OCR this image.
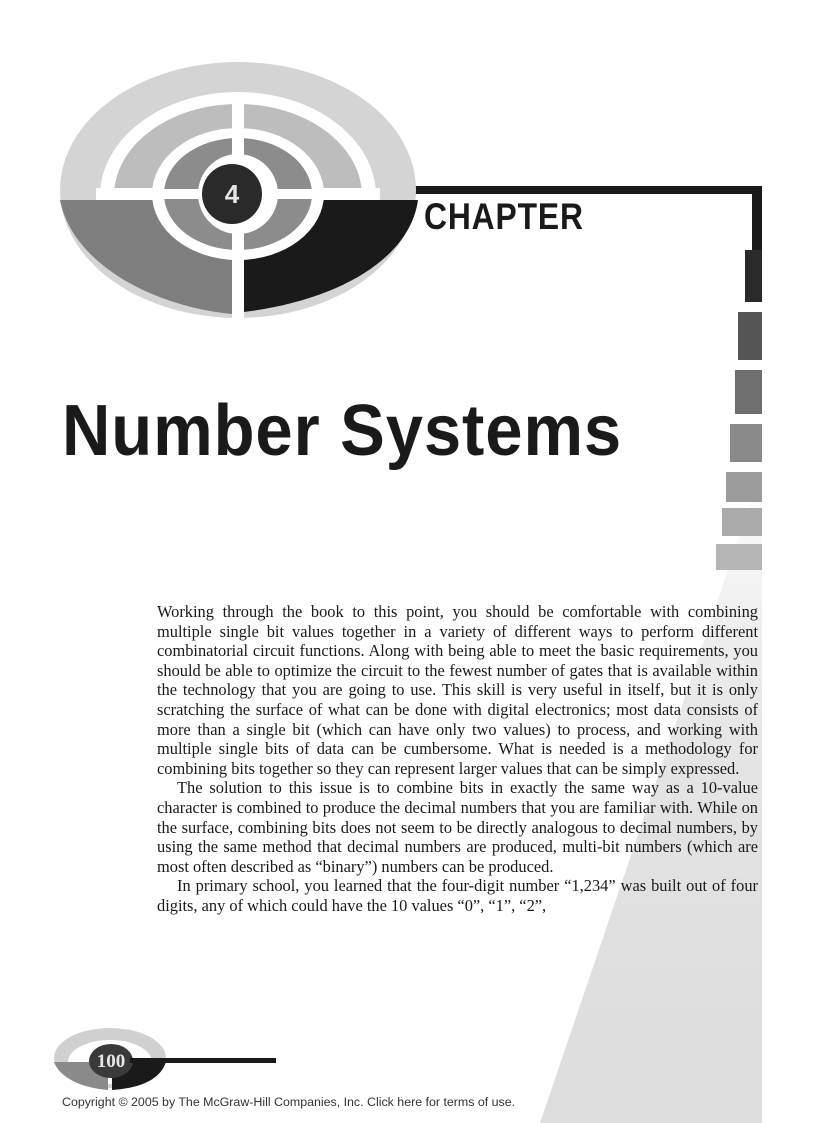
4
CHAPTER
Number Systems

Working through the book to this point, you should be comfortable with combining multiple single bit values together in a variety of different ways to perform different combinatorial circuit functions. Along with being able to meet the basic requirements, you should be able to optimize the circuit to the fewest number of gates that is available within the technology that you are going to use. This skill is very useful in itself, but it is only scratching the surface of what can be done with digital electronics; most data consists of more than a single bit (which can have only two values) to process, and working with multiple single bits of data can be cumbersome. What is needed is a methodology for combining bits together so they can represent larger values that can be simply expressed.

The solution to this issue is to combine bits in exactly the same way as a 10-value character is combined to produce the decimal numbers that you are familiar with. While on the surface, combining bits does not seem to be directly analogous to decimal numbers, by using the same method that decimal numbers are produced, multi-bit numbers (which are most often described as “binary”) numbers can be produced.

In primary school, you learned that the four-digit number “1,234” was built out of four digits, any of which could have the 10 values “0”, “1”, “2”,

100
Copyright © 2005 by The McGraw-Hill Companies, Inc. Click here for terms of use.
